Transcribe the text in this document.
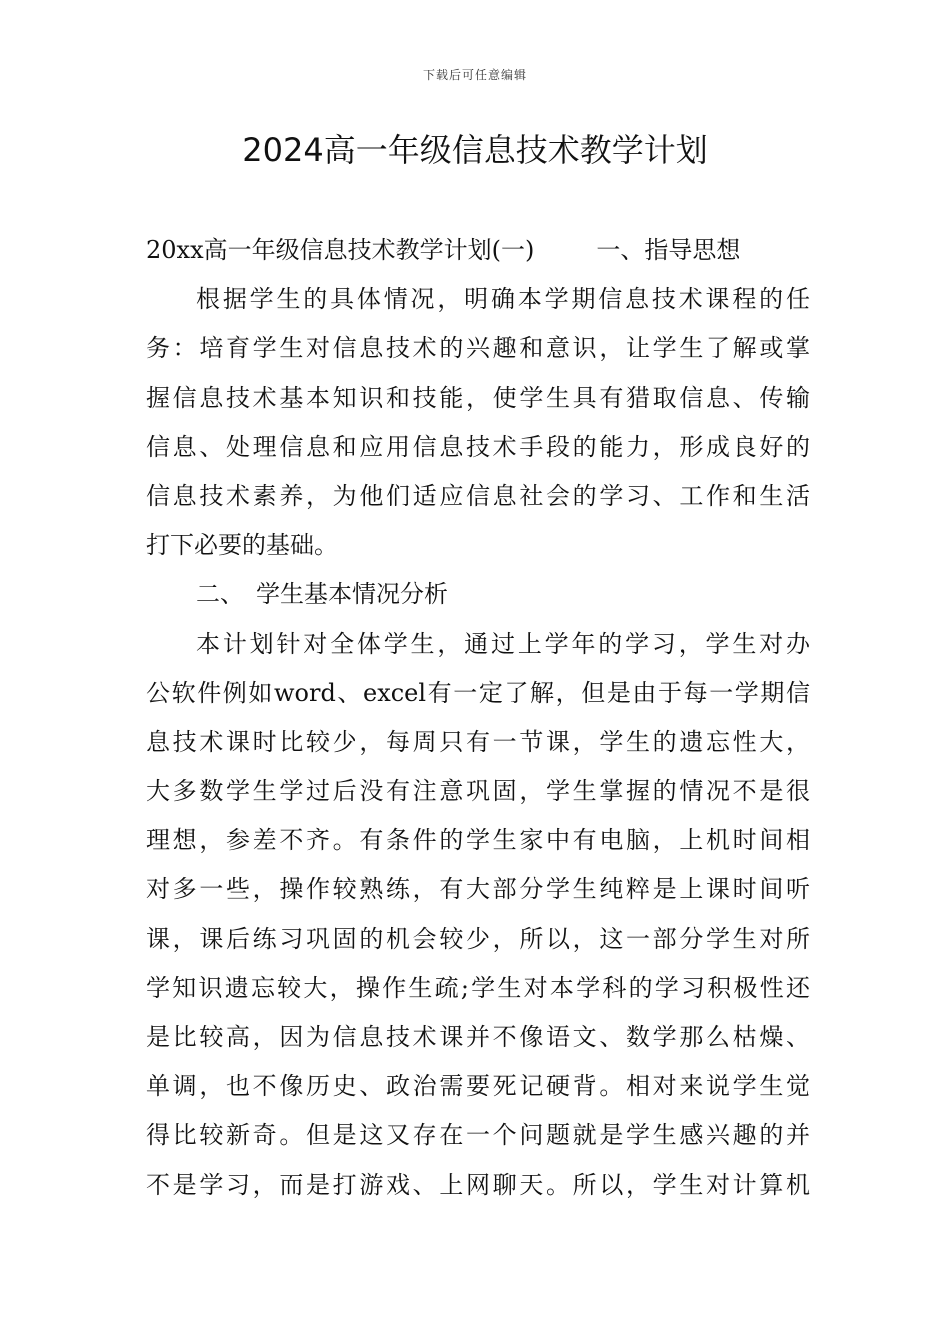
下载后可任意编辑
2024高一年级信息技术教学计划
20xx高一年级信息技术教学计划(一)	一、指导思想
根据学生的具体情况，明确本学期信息技术课程的任
务：培育学生对信息技术的兴趣和意识，让学生了解或掌
握信息技术基本知识和技能，使学生具有猎取信息、传输
信息、处理信息和应用信息技术手段的能力，形成良好的
信息技术素养，为他们适应信息社会的学习、工作和生活
打下必要的基础。
二、　学生基本情况分析
本计划针对全体学生，通过上学年的学习，学生对办
公软件例如word、excel有一定了解，但是由于每一学期信
息技术课时比较少，每周只有一节课，学生的遗忘性大，
大多数学生学过后没有注意巩固，学生掌握的情况不是很
理想，参差不齐。有条件的学生家中有电脑，上机时间相
对多一些，操作较熟练，有大部分学生纯粹是上课时间听
课，课后练习巩固的机会较少，所以，这一部分学生对所
学知识遗忘较大，操作生疏;学生对本学科的学习积极性还
是比较高，因为信息技术课并不像语文、数学那么枯燥、
单调，也不像历史、政治需要死记硬背。相对来说学生觉
得比较新奇。但是这又存在一个问题就是学生感兴趣的并
不是学习，而是打游戏、上网聊天。所以，学生对计算机
